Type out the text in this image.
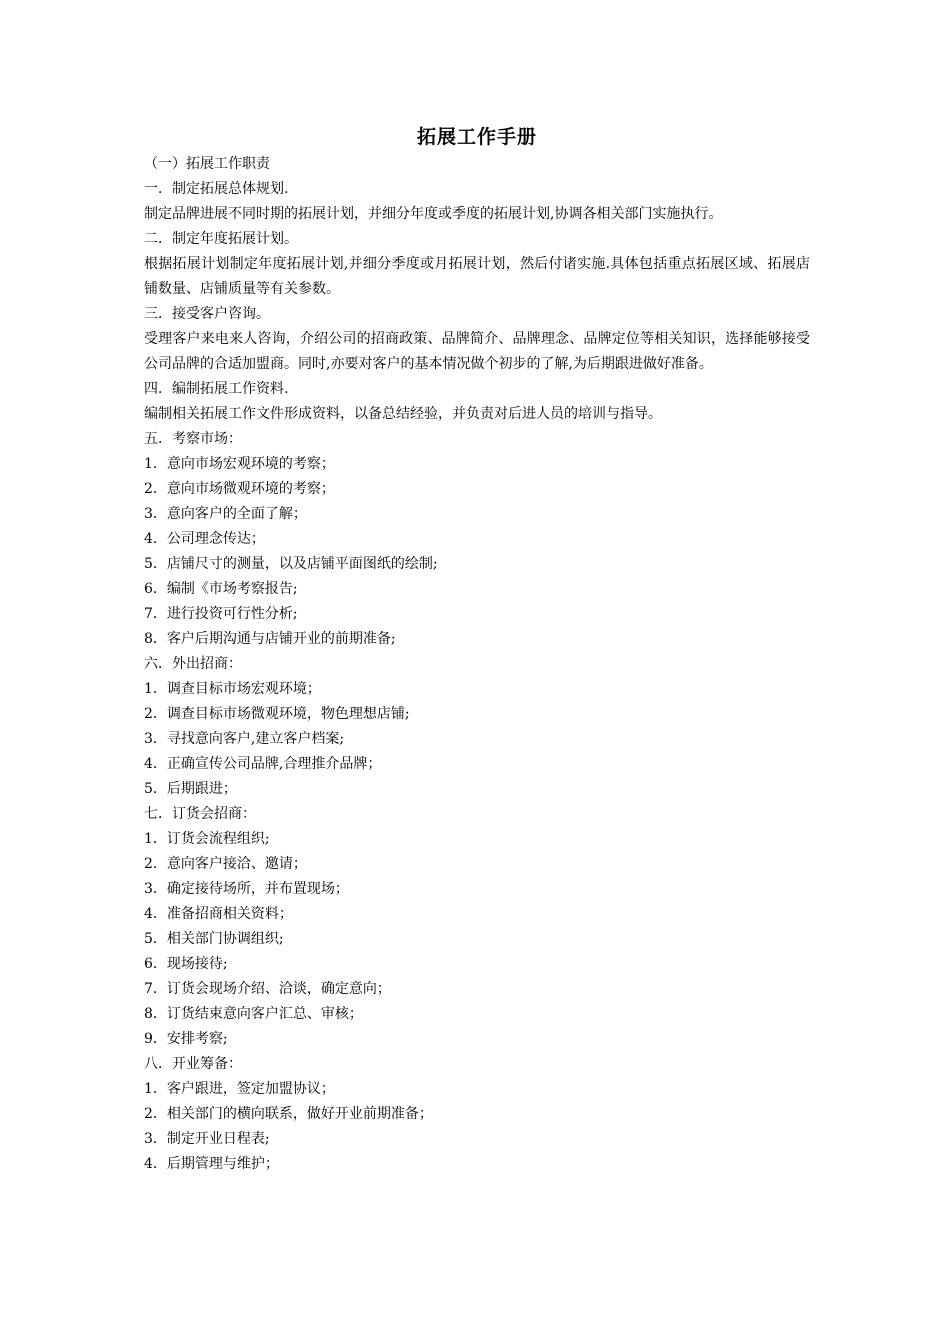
拓展工作手册
（一）拓展工作职责
一．制定拓展总体规划.
制定品牌进展不同时期的拓展计划，并细分年度或季度的拓展计划,协调各相关部门实施执行。
二．制定年度拓展计划。
根据拓展计划制定年度拓展计划,并细分季度或月拓展计划，然后付诸实施.具体包括重点拓展区域、拓展店铺数量、店铺质量等有关参数。
三．接受客户咨询。
受理客户来电来人咨询，介绍公司的招商政策、品牌简介、品牌理念、品牌定位等相关知识，选择能够接受公司品牌的合适加盟商。同时,亦要对客户的基本情况做个初步的了解,为后期跟进做好准备。
四．编制拓展工作资料.
编制相关拓展工作文件形成资料，以备总结经验，并负责对后进人员的培训与指导。
五．考察市场：
1．意向市场宏观环境的考察；
2．意向市场微观环境的考察；
3．意向客户的全面了解；
4．公司理念传达；
5．店铺尺寸的测量，以及店铺平面图纸的绘制;
6．编制《市场考察报告;
7．进行投资可行性分析;
8．客户后期沟通与店铺开业的前期准备;
六．外出招商：
1．调查目标市场宏观环境；
2．调查目标市场微观环境，物色理想店铺;
3．寻找意向客户,建立客户档案;
4．正确宣传公司品牌,合理推介品牌；
5．后期跟进；
七．订货会招商：
1．订货会流程组织;
2．意向客户接洽、邀请；
3．确定接待场所，并布置现场；
4．准备招商相关资料；
5．相关部门协调组织;
6．现场接待;
7．订货会现场介绍、洽谈，确定意向；
8．订货结束意向客户汇总、审核；
9．安排考察;
八．开业筹备：
1．客户跟进，签定加盟协议；
2．相关部门的横向联系，做好开业前期准备；
3．制定开业日程表;
4．后期管理与维护；
